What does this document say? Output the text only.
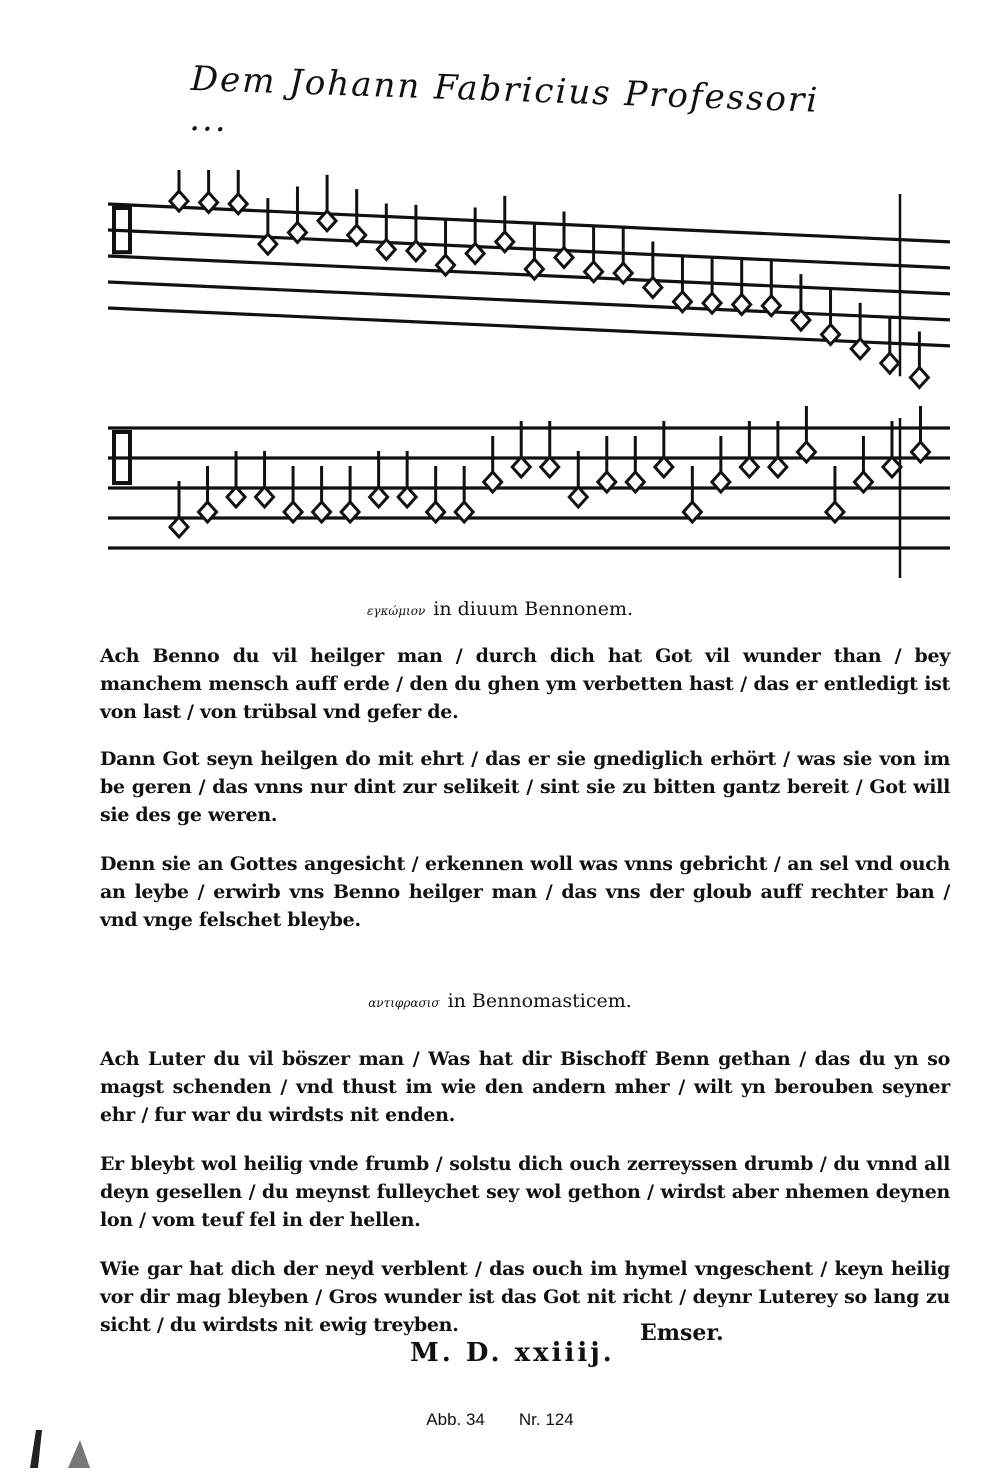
Dem Johann Fabricius Professori ...
εγκώμιον in diuum Bennonem.
Ach Benno du vil heilger man / durch dich hat Got vil wunder than / bey manchem mensch auff erde / den du ghen ym verbetten hast / das er entledigt ist von last / von trübsal vnd gefer de.
Dann Got seyn heilgen do mit ehrt / das er sie gnediglich erhört / was sie von im be geren / das vnns nur dint zur selikeit / sint sie zu bitten gantz bereit / Got will sie des ge weren.
Denn sie an Gottes angesicht / erkennen woll was vnns gebricht / an sel vnd ouch an leybe / erwirb vns Benno heilger man / das vns der gloub auff rechter ban / vnd vnge felschet bleybe.
αντιφρασισ in Bennomasticem.
Ach Luter du vil böszer man / Was hat dir Bischoff Benn gethan / das du yn so magst schenden / vnd thust im wie den andern mher / wilt yn berouben seyner ehr / fur war du wirdsts nit enden.
Er bleybt wol heilig vnde frumb / solstu dich ouch zerreyssen drumb / du vnnd all deyn gesellen / du meynst fulleychet sey wol gethon / wirdst aber nhemen deynen lon / vom teuf fel in der hellen.
Wie gar hat dich der neyd verblent / das ouch im hymel vngeschent / keyn heilig vor dir mag bleyben / Gros wunder ist das Got nit richt / deynr Luterey so lang zu sicht / du wirdsts nit ewig treyben.	Emser.
M. D. xxiiij.
Abb. 34 Nr. 124
